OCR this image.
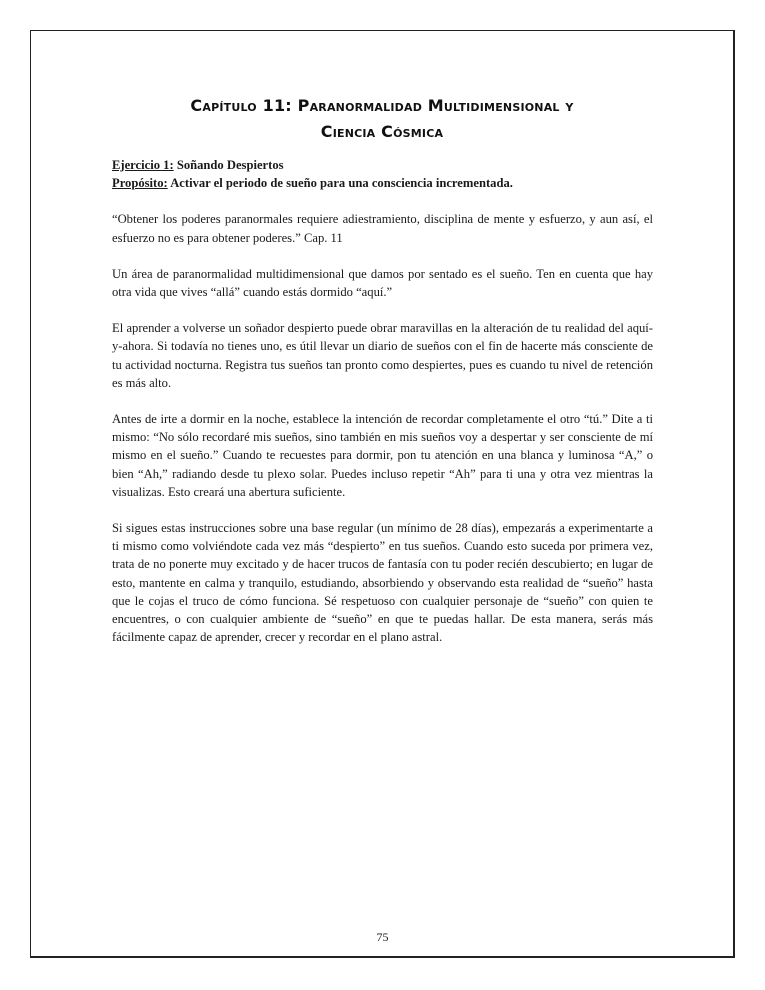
Capítulo 11: Paranormalidad Multidimensional y
Ciencia Cósmica
Ejercicio 1: Soñando Despiertos
Propósito: Activar el periodo de sueño para una consciencia incrementada.

“Obtener los poderes paranormales requiere adiestramiento, disciplina de mente y esfuerzo, y aun así, el esfuerzo no es para obtener poderes.” Cap. 11

Un área de paranormalidad multidimensional que damos por sentado es el sueño. Ten en cuenta que hay otra vida que vives “allá” cuando estás dormido “aquí.”

El aprender a volverse un soñador despierto puede obrar maravillas en la alteración de tu realidad del aquí-y-ahora. Si todavía no tienes uno, es útil llevar un diario de sueños con el fin de hacerte más consciente de tu actividad nocturna. Registra tus sueños tan pronto como despiertes, pues es cuando tu nivel de retención es más alto.

Antes de irte a dormir en la noche, establece la intención de recordar completamente el otro “tú.” Dite a ti mismo: “No sólo recordaré mis sueños, sino también en mis sueños voy a despertar y ser consciente de mí mismo en el sueño.” Cuando te recuestes para dormir, pon tu atención en una blanca y luminosa “A,” o bien “Ah,” radiando desde tu plexo solar. Puedes incluso repetir “Ah” para ti una y otra vez mientras la visualizas. Esto creará una abertura suficiente.

Si sigues estas instrucciones sobre una base regular (un mínimo de 28 días), empezarás a experimentarte a ti mismo como volviéndote cada vez más “despierto” en tus sueños. Cuando esto suceda por primera vez, trata de no ponerte muy excitado y de hacer trucos de fantasía con tu poder recién descubierto; en lugar de esto, mantente en calma y tranquilo, estudiando, absorbiendo y observando esta realidad de “sueño” hasta que le cojas el truco de cómo funciona. Sé respetuoso con cualquier personaje de “sueño” con quien te encuentres, o con cualquier ambiente de “sueño” en que te puedas hallar. De esta manera, serás más fácilmente capaz de aprender, crecer y recordar en el plano astral.

75
